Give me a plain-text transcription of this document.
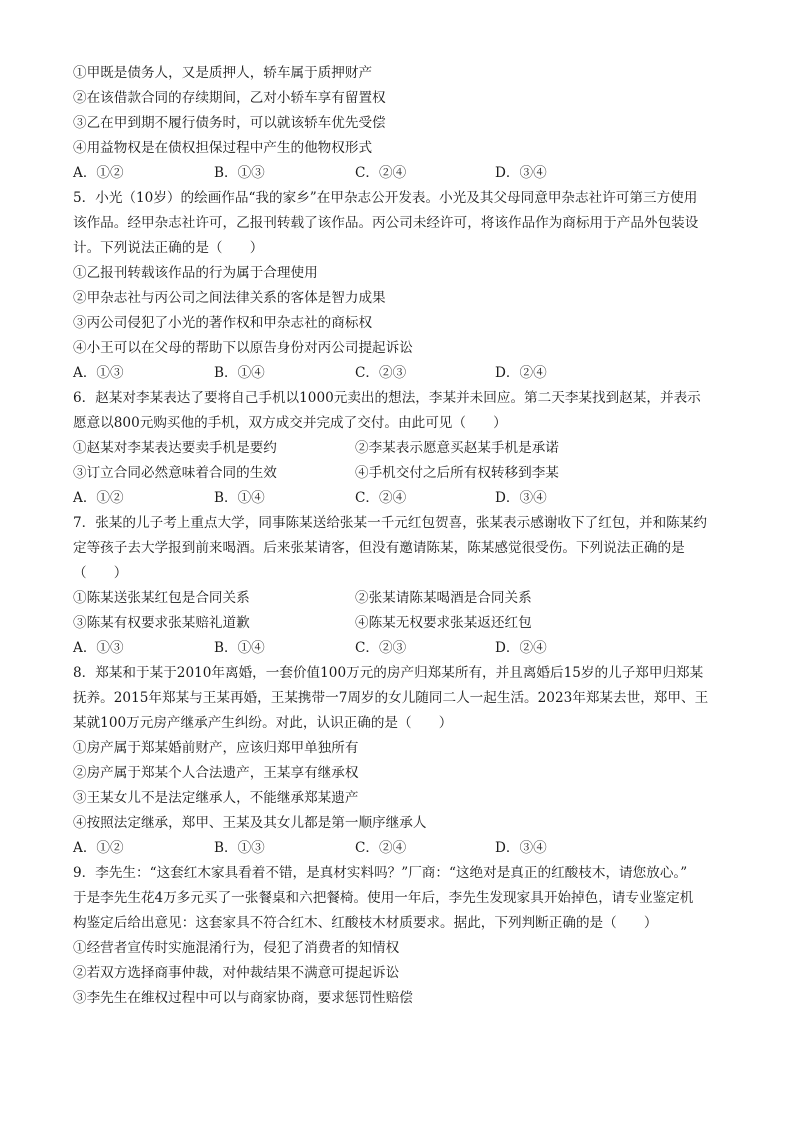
①甲既是债务人，又是质押人，轿车属于质押财产
②在该借款合同的存续期间，乙对小轿车享有留置权
③乙在甲到期不履行债务时，可以就该轿车优先受偿
④用益物权是在债权担保过程中产生的他物权形式
A．①②	B．①③	C．②④	D．③④
5．小光（10岁）的绘画作品“我的家乡”在甲杂志公开发表。小光及其父母同意甲杂志社许可第三方使用
该作品。经甲杂志社许可，乙报刊转载了该作品。丙公司未经许可，将该作品作为商标用于产品外包装设
计。下列说法正确的是（　　）
①乙报刊转载该作品的行为属于合理使用
②甲杂志社与丙公司之间法律关系的客体是智力成果
③丙公司侵犯了小光的著作权和甲杂志社的商标权
④小王可以在父母的帮助下以原告身份对丙公司提起诉讼
A．①③	B．①④	C．②③	D．②④
6．赵某对李某表达了要将自己手机以1000元卖出的想法，李某并未回应。第二天李某找到赵某，并表示
愿意以800元购买他的手机，双方成交并完成了交付。由此可见（　　）
①赵某对李某表达要卖手机是要约	②李某表示愿意买赵某手机是承诺
③订立合同必然意味着合同的生效	④手机交付之后所有权转移到李某
A．①②	B．①④	C．②④	D．③④
7．张某的儿子考上重点大学，同事陈某送给张某一千元红包贺喜，张某表示感谢收下了红包，并和陈某约
定等孩子去大学报到前来喝酒。后来张某请客，但没有邀请陈某，陈某感觉很受伤。下列说法正确的是
（　　）
①陈某送张某红包是合同关系	②张某请陈某喝酒是合同关系
③陈某有权要求张某赔礼道歉	④陈某无权要求张某返还红包
A．①③	B．①④	C．②③	D．②④
8．郑某和于某于2010年离婚，一套价值100万元的房产归郑某所有，并且离婚后15岁的儿子郑甲归郑某
抚养。2015年郑某与王某再婚，王某携带一7周岁的女儿随同二人一起生活。2023年郑某去世，郑甲、王
某就100万元房产继承产生纠纷。对此，认识正确的是（　　）
①房产属于郑某婚前财产，应该归郑甲单独所有
②房产属于郑某个人合法遗产，王某享有继承权
③王某女儿不是法定继承人，不能继承郑某遗产
④按照法定继承，郑甲、王某及其女儿都是第一顺序继承人
A．①②	B．①③	C．②④	D．③④
9．李先生：“这套红木家具看着不错，是真材实料吗？”厂商：“这绝对是真正的红酸枝木，请您放心。”
于是李先生花4万多元买了一张餐桌和六把餐椅。使用一年后，李先生发现家具开始掉色，请专业鉴定机
构鉴定后给出意见：这套家具不符合红木、红酸枝木材质要求。据此，下列判断正确的是（　　）
①经营者宣传时实施混淆行为，侵犯了消费者的知情权
②若双方选择商事仲裁，对仲裁结果不满意可提起诉讼
③李先生在维权过程中可以与商家协商，要求惩罚性赔偿
